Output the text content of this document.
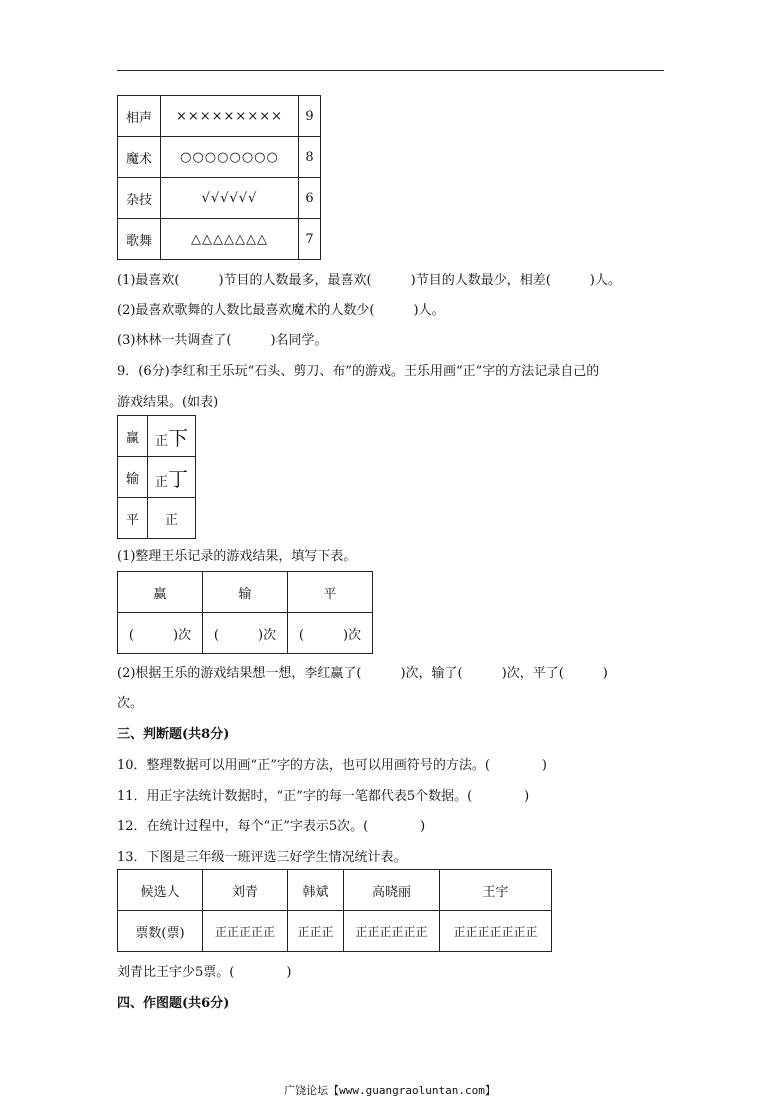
相声	×××××××××	9
魔术	○○○○○○○○	8
杂技	√√√√√√	6
歌舞	△△△△△△△	7
(1)最喜欢(　　　)节目的人数最多，最喜欢(　　　)节目的人数最少，相差(　　　)人。
(2)最喜欢歌舞的人数比最喜欢魔术的人数少(　　　)人。
(3)林林一共调查了(　　　)名同学。
9．(6分)李红和王乐玩“石头、剪刀、布”的游戏。王乐用画“正”字的方法记录自己的
游戏结果。(如表)
赢	正下
输	正丁
平	正
(1)整理王乐记录的游戏结果，填写下表。
赢	输	平
(　　　)次	(　　　)次	(　　　)次
(2)根据王乐的游戏结果想一想，李红赢了(　　　)次，输了(　　　)次，平了(　　　)
次。
三、判断题(共8分)
10．整理数据可以用画“正”字的方法，也可以用画符号的方法。(　　　　)
11．用正字法统计数据时，“正”字的每一笔都代表5个数据。(　　　　)
12．在统计过程中，每个“正”字表示5次。(　　　　)
13．下图是三年级一班评选三好学生情况统计表。
候选人	刘青	韩斌	高晓丽	王宇
票数(票)	正正正正正	正正正	正正正正正正	正正正正正正正
刘青比王宇少5票。(　　　　)
四、作图题(共6分)
广饶论坛【www.guangraoluntan.com】
